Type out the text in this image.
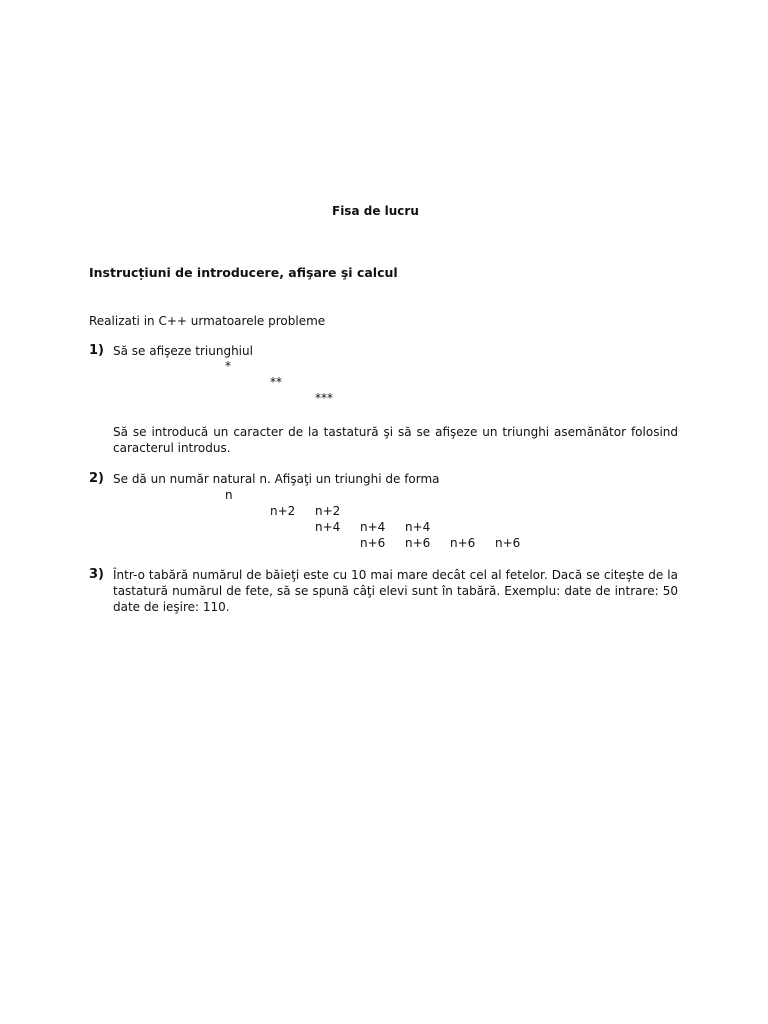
Fisa de lucru
Instrucțiuni de introducere, afişare şi calcul
Realizati in C++ urmatoarele probleme
1) Să se afişeze triunghiul
*
**
***
Să se introducă un caracter de la tastatură şi să se afişeze un triunghi asemănător folosind caracterul introdus.
2) Se dă un număr natural n. Afişaţi un triunghi de forma
n
n+2 n+2
n+4 n+4 n+4
n+6 n+6 n+6 n+6
3) Într-o tabără numărul de băieţi este cu 10 mai mare decât cel al fetelor. Dacă se citeşte de la tastatură numărul de fete, să se spună câţi elevi sunt în tabără. Exemplu: date de intrare: 50 date de ieşire: 110.
